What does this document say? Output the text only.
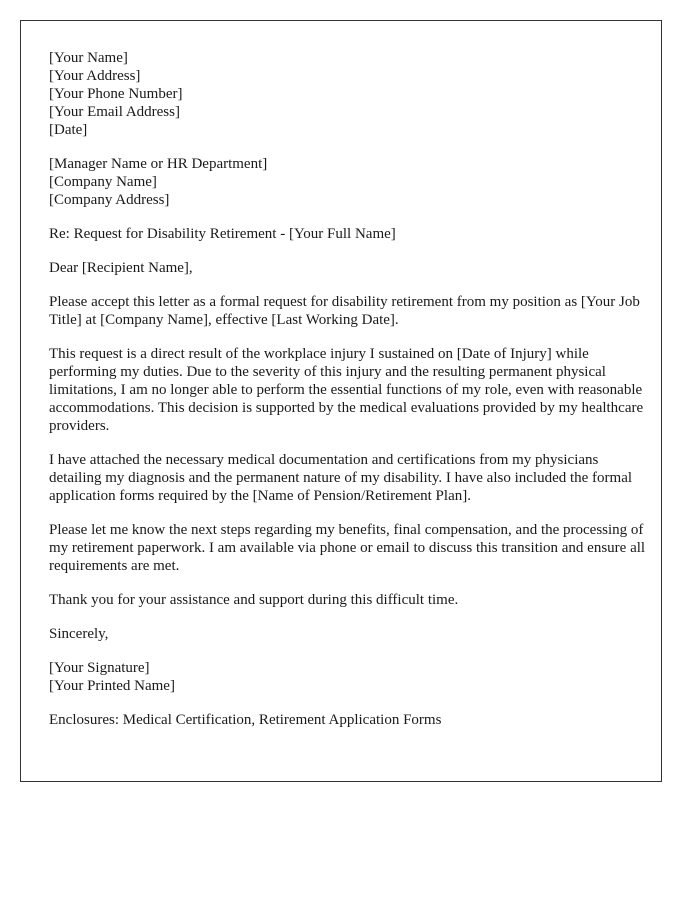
[Your Name]
[Your Address]
[Your Phone Number]
[Your Email Address]
[Date]
[Manager Name or HR Department]
[Company Name]
[Company Address]

Re: Request for Disability Retirement - [Your Full Name]

Dear [Recipient Name],

Please accept this letter as a formal request for disability retirement from my position as [Your Job Title] at [Company Name], effective [Last Working Date].

This request is a direct result of the workplace injury I sustained on [Date of Injury] while performing my duties. Due to the severity of this injury and the resulting permanent physical limitations, I am no longer able to perform the essential functions of my role, even with reasonable accommodations. This decision is supported by the medical evaluations provided by my healthcare providers.

I have attached the necessary medical documentation and certifications from my physicians detailing my diagnosis and the permanent nature of my disability. I have also included the formal application forms required by the [Name of Pension/Retirement Plan].

Please let me know the next steps regarding my benefits, final compensation, and the processing of my retirement paperwork. I am available via phone or email to discuss this transition and ensure all requirements are met.

Thank you for your assistance and support during this difficult time.

Sincerely,

[Your Signature]
[Your Printed Name]

Enclosures: Medical Certification, Retirement Application Forms
